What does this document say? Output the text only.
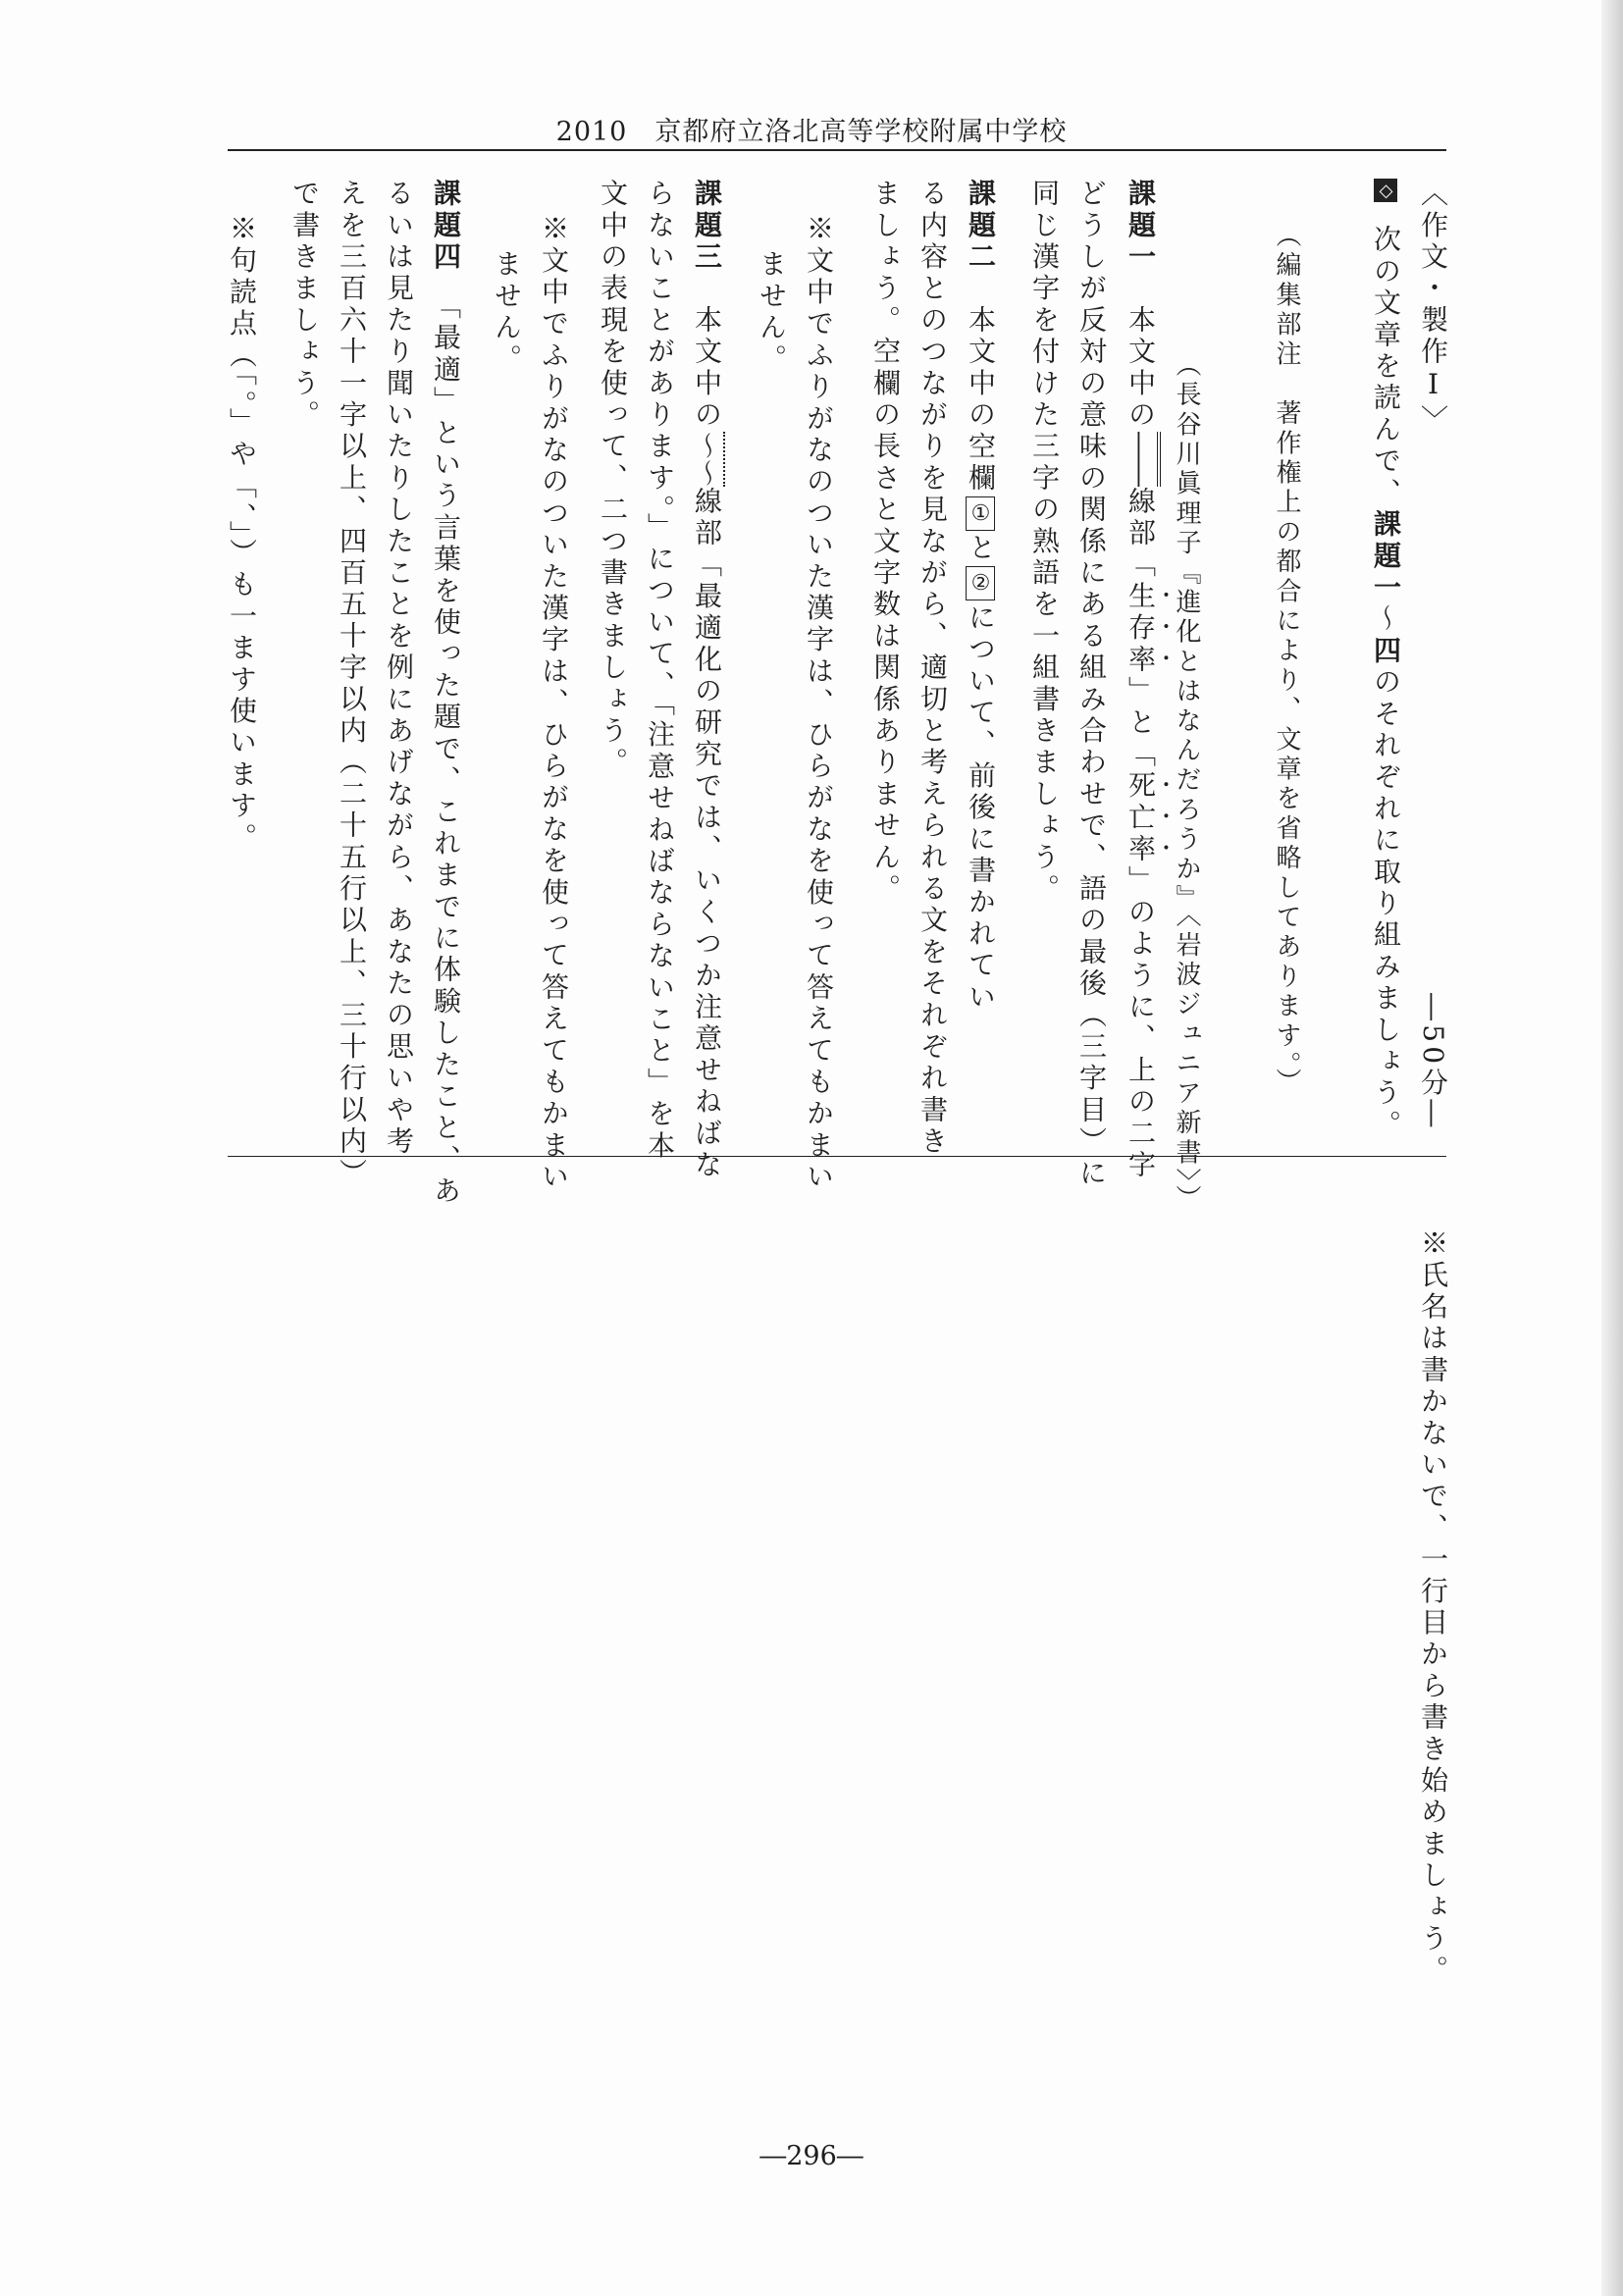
2010　京都府立洛北高等学校附属中学校
〈作文・製作Ⅰ〉
―50分―
◇ 次の文章を読んで、課題一～四のそれぞれに取り組みましょう。
（編集部注　著作権上の都合により、文章を省略してあります。）
（長谷川眞理子『進化とはなんだろうか』〈岩波ジュニア新書〉）
課題一　本文中の――線部「生存率」と「死亡率」のように、上の二字
どうしが反対の意味の関係にある組み合わせで、語の最後（三字目）に
同じ漢字を付けた三字の熟語を一組書きましょう。
課題二　本文中の空欄①と②について、前後に書かれてい
る内容とのつながりを見ながら、適切と考えられる文をそれぞれ書き
ましょう。空欄の長さと文字数は関係ありません。
※文中でふりがなのついた漢字は、ひらがなを使って答えてもかまい
ません。
課題三　本文中の～～線部「最適化の研究では、いくつか注意せねばな
らないことがあります。」について、「注意せねばならないこと」を本
文中の表現を使って、二つ書きましょう。
※文中でふりがなのついた漢字は、ひらがなを使って答えてもかまい
ません。
課題四　「最適」という言葉を使った題で、これまでに体験したこと、あ
るいは見たり聞いたりしたことを例にあげながら、あなたの思いや考
えを三百六十一字以上、四百五十字以内（二十五行以上、三十行以内）
で書きましょう。
※句読点（「。」や「、」）も一ます使います。
※氏名は書かないで、一行目から書き始めましょう。
―296―
